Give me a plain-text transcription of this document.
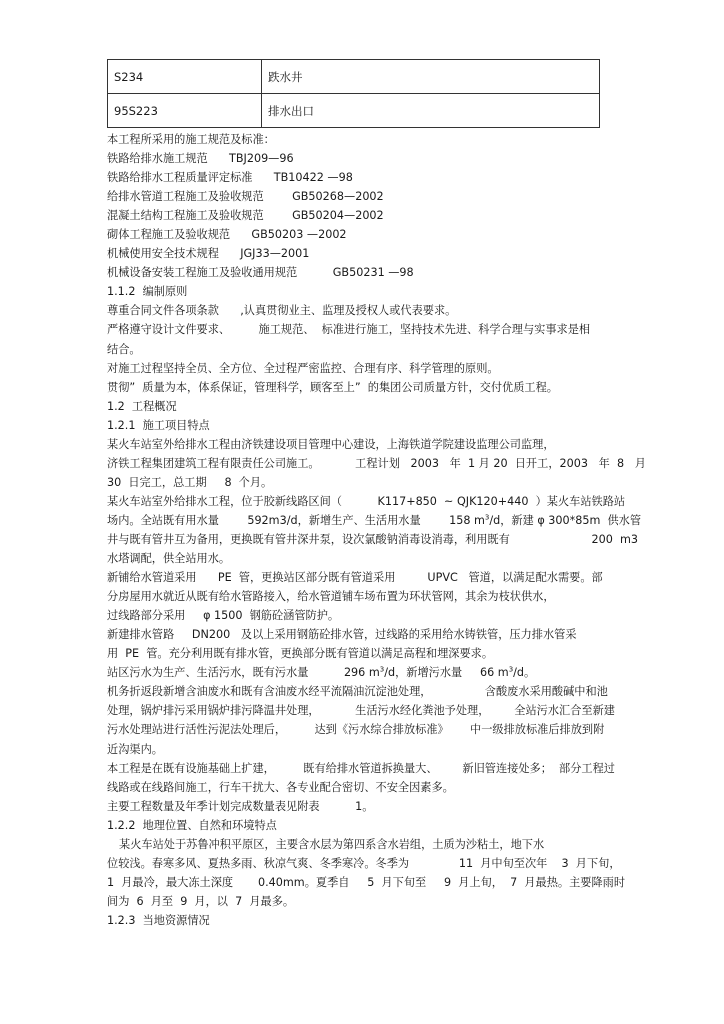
S234	跌水井
95S223	排水出口
本工程所采用的施工规范及标准：
铁路给排水施工规范      TBJ209—96
铁路给排水工程质量评定标准      TB10422 —98
给排水管道工程施工及验收规范        GB50268—2002
混凝土结构工程施工及验收规范        GB50204—2002
砌体工程施工及验收规范      GB50203 —2002
机械使用安全技术规程      JGJ33—2001
机械设备安装工程施工及验收通用规范          GB50231 —98
1.1.2  编制原则
尊重合同文件各项条款      ,认真贯彻业主、监理及授权人或代表要求。
严格遵守设计文件要求、        施工规范、  标准进行施工，坚持技术先进、科学合理与实事求是相
结合。
对施工过程坚持全员、全方位、全过程严密监控、合理有序、科学管理的原则。
贯彻”  质量为本，体系保证，管理科学，顾客至上”  的集团公司质量方针，交付优质工程。
1.2  工程概况
1.2.1  施工项目特点
某火车站室外给排水工程由济铁建设项目管理中心建设，上海铁道学院建设监理公司监理，
济铁工程集团建筑工程有限责任公司施工。          工程计划   2003   年  1 月 20  日开工，2003   年  8   月
30  日完工，总工期     8  个月。
某火车站室外给排水工程，位于胶新线路区间（          K117+850  ~ QJK120+440  ）某火车站铁路站
场内。全站既有用水量        592m3/d，新增生产、生活用水量        158 $m^3/d$，新建 φ 300*85m  供水管
井与既有管井互为备用，更换既有管井深井泵，设次氯酸钠消毒设消毒，利用既有                       200  m3
水塔调配，供全站用水。
新铺给水管道采用      PE  管，更换站区部分既有管道采用         UPVC   管道，以满足配水需要。部
分房屋用水就近从既有给水管路接入，给水管道铺车场布置为环状管网，其余为枝状供水，
过线路部分采用     φ 1500  钢筋砼涵管防护。
新建排水管路     DN200   及以上采用钢筋砼排水管，过线路的采用给水铸铁管，压力排水管采
用  PE  管。充分利用既有排水管，更换部分既有管道以满足高程和埋深要求。
站区污水为生产、生活污水，既有污水量          296 $m^3/d$，新增污水量     66 $m^3/d$。
机务折返段新增含油废水和既有含油废水经平流隔油沉淀池处理，               含酸废水采用酸碱中和池
处理，锅炉排污采用锅炉排污降温井处理，          生活污水经化粪池予处理，       全站污水汇合至新建
污水处理站进行活性污泥法处理后，        达到《污水综合排放标准》      中一级排放标准后排放到附
近沟渠内。
本工程是在既有设施基础上扩建，        既有给排水管道拆换量大、       新旧管连接处多；  部分工程过
线路或在线路间施工，行车干扰大、各专业配合密切、不安全因素多。
主要工程数量及年季计划完成数量表见附表          1。
1.2.2  地理位置、自然和环境特点
某火车站处于苏鲁冲积平原区，主要含水层为第四系含水岩组，土质为沙粘土，地下水
位较浅。春寒多风、夏热多雨、秋凉气爽、冬季寒冷。冬季为              11  月中旬至次年    3  月下旬，
1  月最冷，最大冻土深度       0.40mm。夏季自     5  月下旬至     9  月上旬，  7  月最热。主要降雨时
间为  6  月至  9  月，以  7  月最多。
1.2.3  当地资源情况
